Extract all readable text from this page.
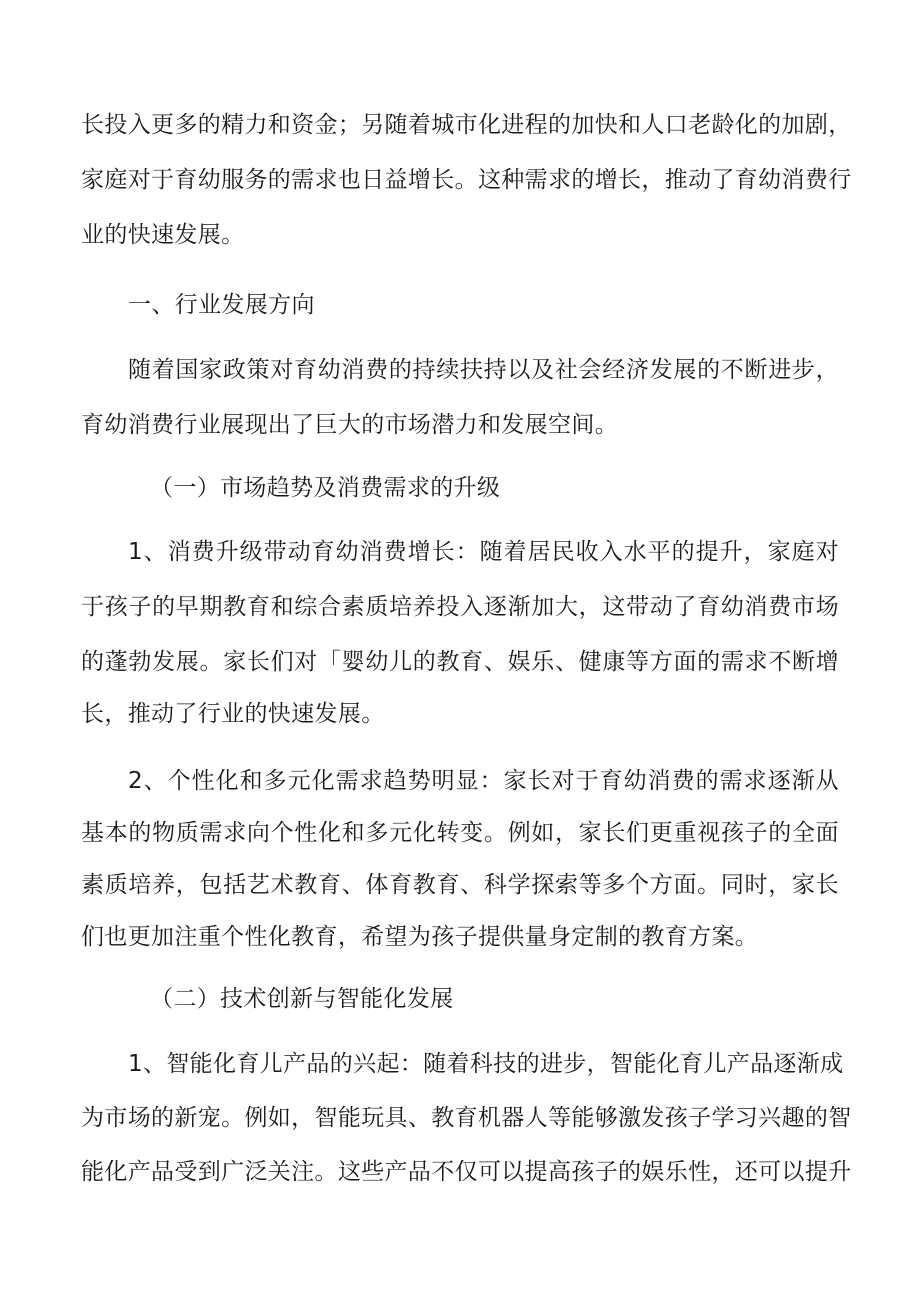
长投入更多的精力和资金；另随着城市化进程的加快和人口老龄化的加剧，
家庭对于育幼服务的需求也日益增长。这种需求的增长，推动了育幼消费行
业的快速发展。
一、行业发展方向
随着国家政策对育幼消费的持续扶持以及社会经济发展的不断进步，
育幼消费行业展现出了巨大的市场潜力和发展空间。
（一）市场趋势及消费需求的升级
1、消费升级带动育幼消费增长：随着居民收入水平的提升，家庭对
于孩子的早期教育和综合素质培养投入逐渐加大，这带动了育幼消费市场
的蓬勃发展。家长们对「婴幼儿的教育、娱乐、健康等方面的需求不断增
长，推动了行业的快速发展。
2、个性化和多元化需求趋势明显：家长对于育幼消费的需求逐渐从
基本的物质需求向个性化和多元化转变。例如，家长们更重视孩子的全面
素质培养，包括艺术教育、体育教育、科学探索等多个方面。同时，家长
们也更加注重个性化教育，希望为孩子提供量身定制的教育方案。
（二）技术创新与智能化发展
1、智能化育儿产品的兴起：随着科技的进步，智能化育儿产品逐渐成
为市场的新宠。例如，智能玩具、教育机器人等能够激发孩子学习兴趣的智
能化产品受到广泛关注。这些产品不仅可以提高孩子的娱乐性，还可以提升
